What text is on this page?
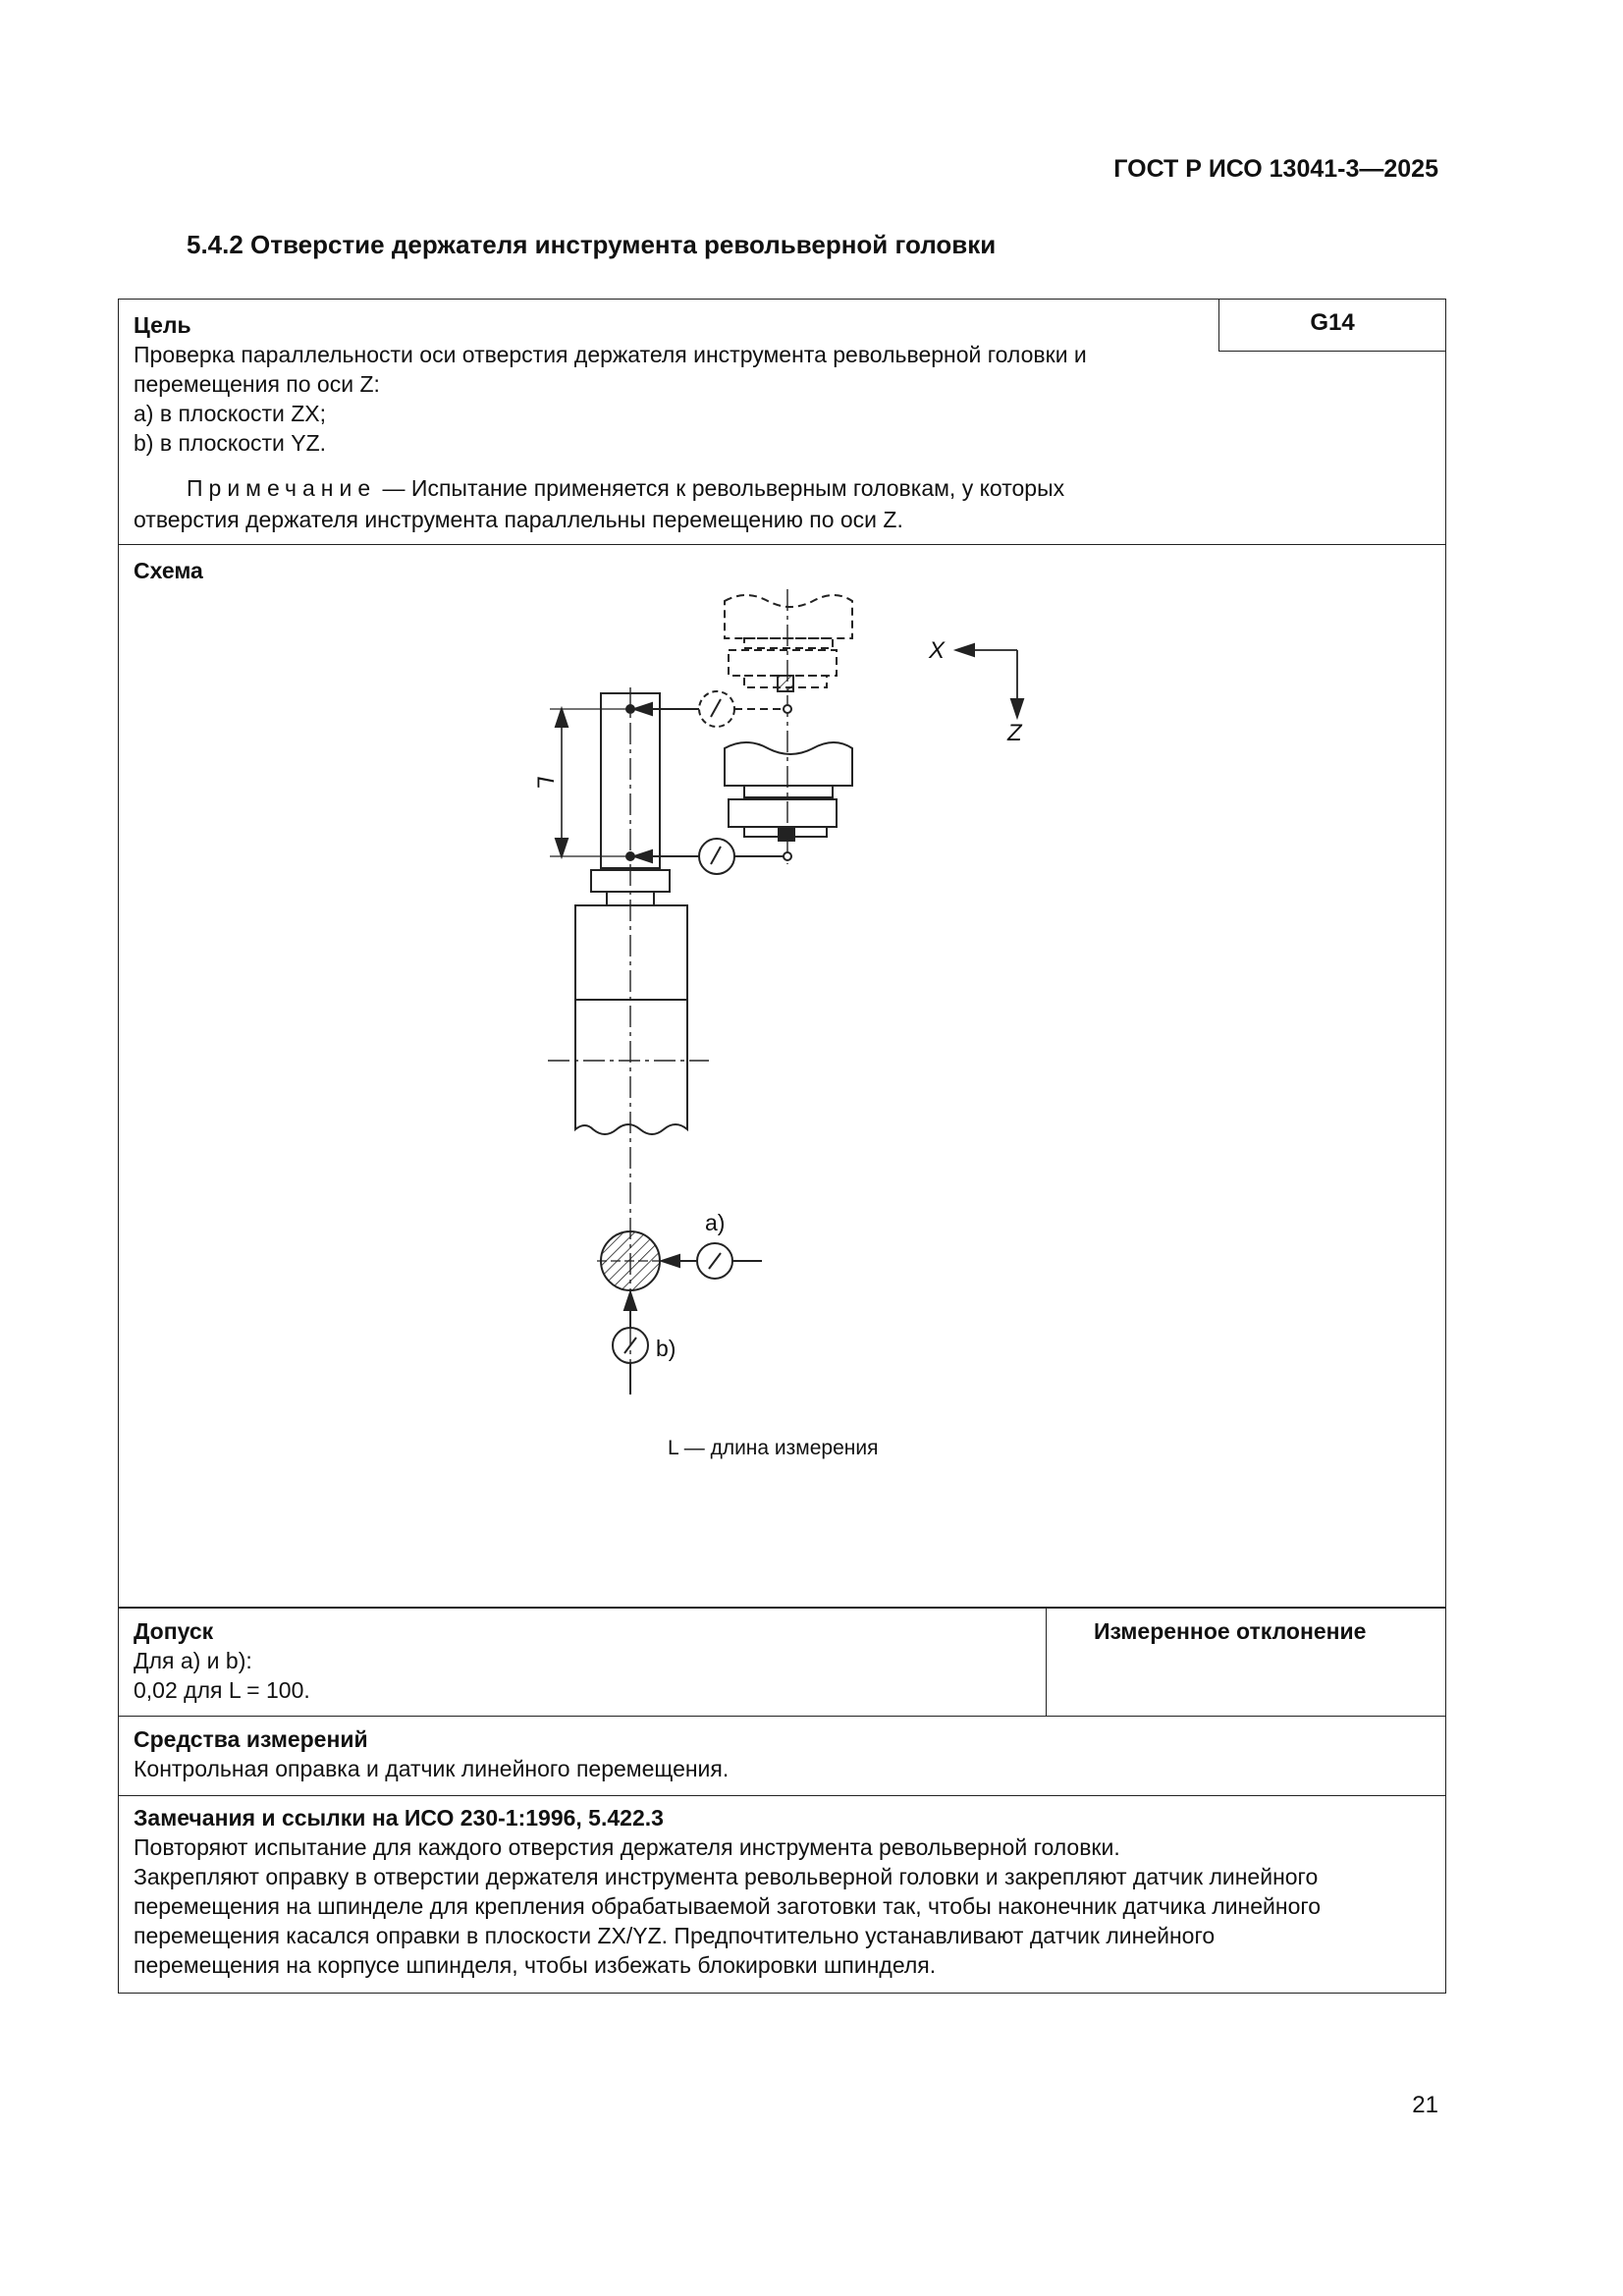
ГОСТ Р ИСО 13041-3—2025
5.4.2 Отверстие держателя инструмента револьверной головки
G14
Цель
Проверка параллельности оси отверстия держателя инструмента револьверной головки и
перемещения по оси Z:
a) в плоскости ZX;
b) в плоскости YZ.
Примечание — Испытание применяется к револьверным головкам, у которых
отверстия держателя инструмента параллельны перемещению по оси Z.
Схема
X
Z
L
a)
b)
L — длина измерения
Допуск
Для a) и b):
0,02 для L = 100.
Измеренное отклонение
Средства измерений
Контрольная оправка и датчик линейного перемещения.
Замечания и ссылки на ИСО 230-1:1996, 5.422.3
Повторяют испытание для каждого отверстия держателя инструмента револьверной головки.
Закрепляют оправку в отверстии держателя инструмента револьверной головки и закрепляют датчик линейного
перемещения на шпинделе для крепления обрабатываемой заготовки так, чтобы наконечник датчика линейного
перемещения касался оправки в плоскости ZX/YZ. Предпочтительно устанавливают датчик линейного
перемещения на корпусе шпинделя, чтобы избежать блокировки шпинделя.
21
